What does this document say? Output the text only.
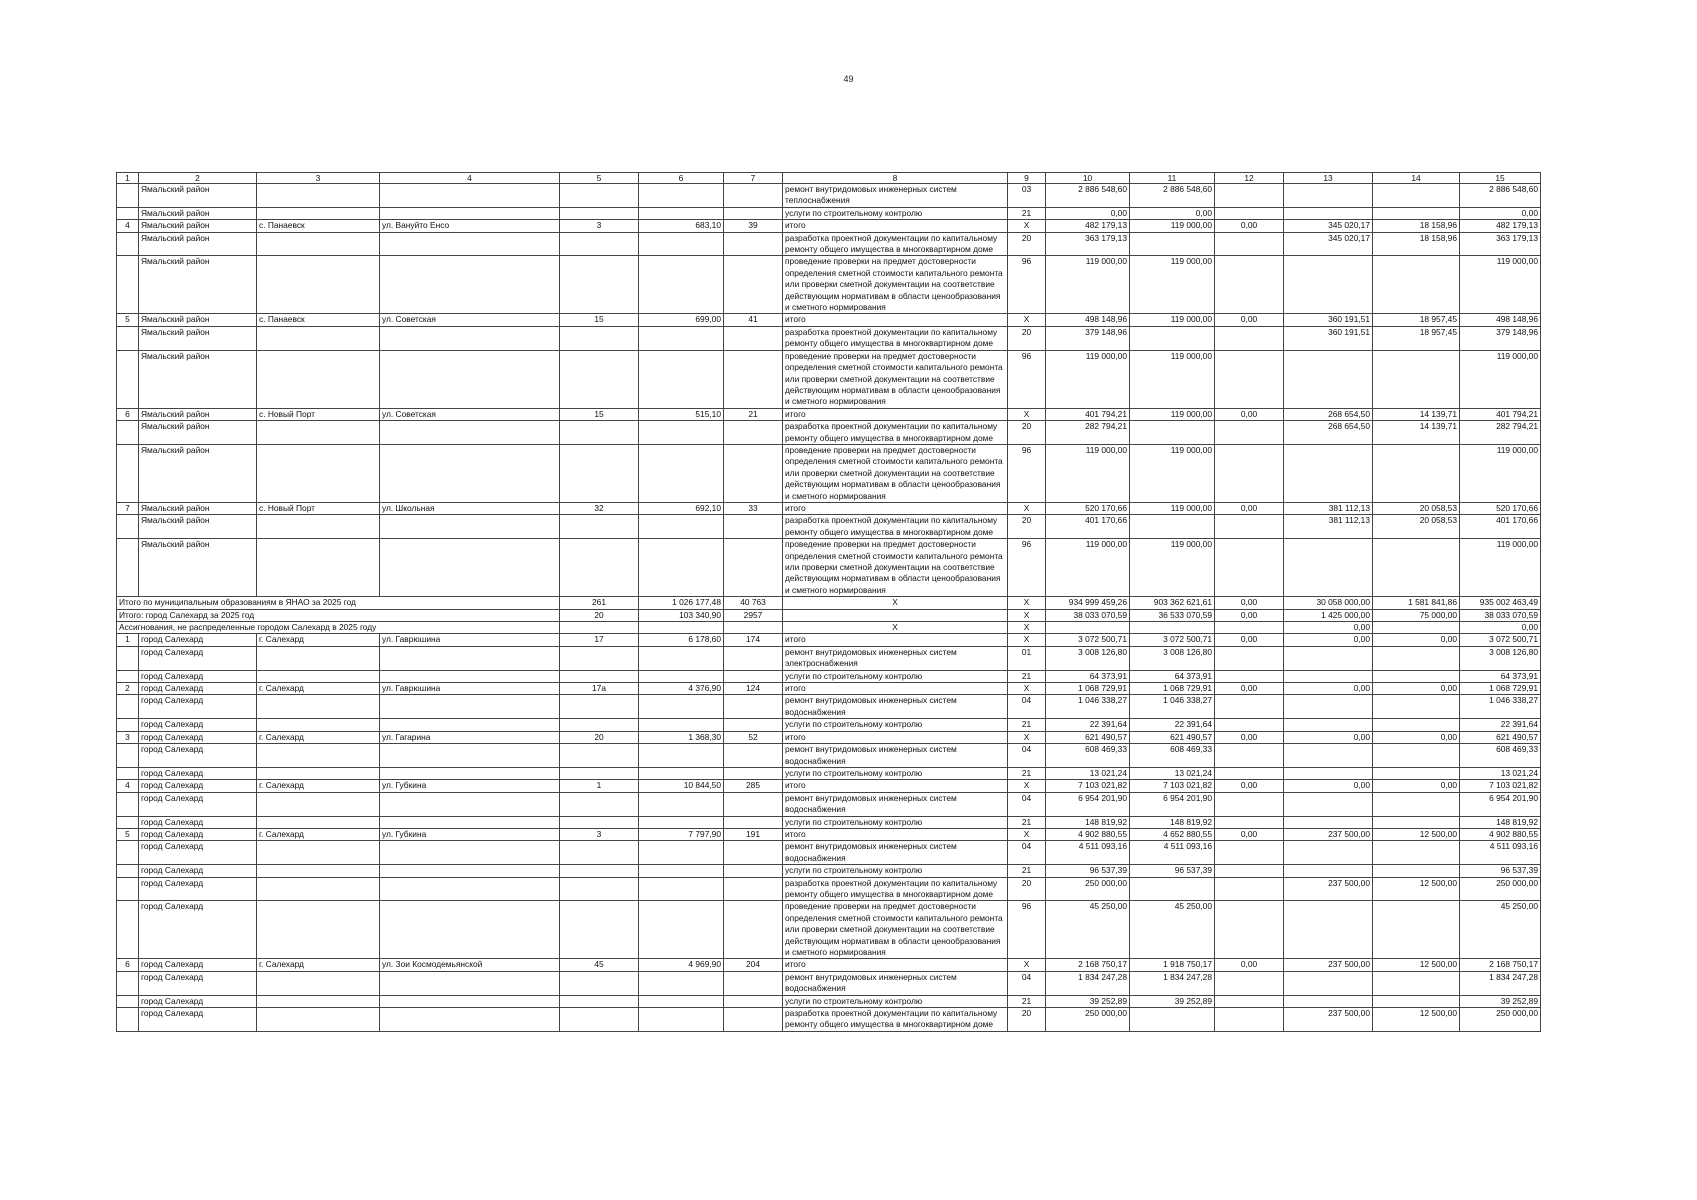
49
1	2	3	4	5	6	7	8	9	10	11	12	13	14	15
	Ямальский район						ремонт внутридомовых инженерных систем теплоснабжения	03	2 886 548,60	2 886 548,60				2 886 548,60
	Ямальский район						услуги по строительному контролю	21	0,00	0,00				0,00
4	Ямальский район	с. Панаевск	ул. Вануйто Енсо	3	683,10	39	итого	X	482 179,13	119 000,00	0,00	345 020,17	18 158,96	482 179,13
	Ямальский район						разработка проектной документации по капитальному ремонту общего имущества в многоквартирном доме	20	363 179,13			345 020,17	18 158,96	363 179,13
	Ямальский район						проведение проверки на предмет достоверности определения сметной стоимости капитального ремонта или проверки сметной документации на соответствие действующим нормативам в области ценообразования и сметного нормирования	96	119 000,00	119 000,00				119 000,00
5	Ямальский район	с. Панаевск	ул. Советская	15	699,00	41	итого	X	498 148,96	119 000,00	0,00	360 191,51	18 957,45	498 148,96
	Ямальский район						разработка проектной документации по капитальному ремонту общего имущества в многоквартирном доме	20	379 148,96			360 191,51	18 957,45	379 148,96
	Ямальский район						проведение проверки на предмет достоверности определения сметной стоимости капитального ремонта или проверки сметной документации на соответствие действующим нормативам в области ценообразования и сметного нормирования	96	119 000,00	119 000,00				119 000,00
6	Ямальский район	с. Новый Порт	ул. Советская	15	515,10	21	итого	X	401 794,21	119 000,00	0,00	268 654,50	14 139,71	401 794,21
	Ямальский район						разработка проектной документации по капитальному ремонту общего имущества в многоквартирном доме	20	282 794,21			268 654,50	14 139,71	282 794,21
	Ямальский район						проведение проверки на предмет достоверности определения сметной стоимости капитального ремонта или проверки сметной документации на соответствие действующим нормативам в области ценообразования и сметного нормирования	96	119 000,00	119 000,00				119 000,00
7	Ямальский район	с. Новый Порт	ул. Школьная	32	692,10	33	итого	X	520 170,66	119 000,00	0,00	381 112,13	20 058,53	520 170,66
	Ямальский район						разработка проектной документации по капитальному ремонту общего имущества в многоквартирном доме	20	401 170,66			381 112,13	20 058,53	401 170,66
	Ямальский район						проведение проверки на предмет достоверности определения сметной стоимости капитального ремонта или проверки сметной документации на соответствие действующим нормативам в области ценообразования и сметного нормирования	96	119 000,00	119 000,00				119 000,00
Итого по муниципальным образованиям в ЯНАО за 2025 год				261	1 026 177,48	40 763	X	X	934 999 459,26	903 362 621,61	0,00	30 058 000,00	1 581 841,86	935 002 463,49
Итого: город Салехард за 2025 год				20	103 340,90	2957		X	38 033 070,59	36 533 070,59	0,00	1 425 000,00	75 000,00	38 033 070,59
Ассигнования, не распределенные городом Салехард в 2025 году							X	X				0,00		0,00
1	город Салехард	г. Салехард	ул. Гаврюшина	17	6 178,60	174	итого	X	3 072 500,71	3 072 500,71	0,00	0,00	0,00	3 072 500,71
	город Салехард						ремонт внутридомовых инженерных систем электроснабжения	01	3 008 126,80	3 008 126,80				3 008 126,80
	город Салехард						услуги по строительному контролю	21	64 373,91	64 373,91				64 373,91
2	город Салехард	г. Салехард	ул. Гаврюшина	17а	4 376,90	124	итого	X	1 068 729,91	1 068 729,91	0,00	0,00	0,00	1 068 729,91
	город Салехард						ремонт внутридомовых инженерных систем водоснабжения	04	1 046 338,27	1 046 338,27				1 046 338,27
	город Салехард						услуги по строительному контролю	21	22 391,64	22 391,64				22 391,64
3	город Салехард	г. Салехард	ул. Гагарина	20	1 368,30	52	итого	X	621 490,57	621 490,57	0,00	0,00	0,00	621 490,57
	город Салехард						ремонт внутридомовых инженерных систем водоснабжения	04	608 469,33	608 469,33				608 469,33
	город Салехард						услуги по строительному контролю	21	13 021,24	13 021,24				13 021,24
4	город Салехард	г. Салехард	ул. Губкина	1	10 844,50	285	итого	X	7 103 021,82	7 103 021,82	0,00	0,00	0,00	7 103 021,82
	город Салехард						ремонт внутридомовых инженерных систем водоснабжения	04	6 954 201,90	6 954 201,90				6 954 201,90
	город Салехард						услуги по строительному контролю	21	148 819,92	148 819,92				148 819,92
5	город Салехард	г. Салехард	ул. Губкина	3	7 797,90	191	итого	X	4 902 880,55	4 652 880,55	0,00	237 500,00	12 500,00	4 902 880,55
	город Салехард						ремонт внутридомовых инженерных систем водоснабжения	04	4 511 093,16	4 511 093,16				4 511 093,16
	город Салехард						услуги по строительному контролю	21	96 537,39	96 537,39				96 537,39
	город Салехард						разработка проектной документации по капитальному ремонту общего имущества в многоквартирном доме	20	250 000,00			237 500,00	12 500,00	250 000,00
	город Салехард						проведение проверки на предмет достоверности определения сметной стоимости капитального ремонта или проверки сметной документации на соответствие действующим нормативам в области ценообразования и сметного нормирования	96	45 250,00	45 250,00				45 250,00
6	город Салехард	г. Салехард	ул. Зои Космодемьянской	45	4 969,90	204	итого	X	2 168 750,17	1 918 750,17	0,00	237 500,00	12 500,00	2 168 750,17
	город Салехард						ремонт внутридомовых инженерных систем водоснабжения	04	1 834 247,28	1 834 247,28				1 834 247,28
	город Салехард						услуги по строительному контролю	21	39 252,89	39 252,89				39 252,89
	город Салехард						разработка проектной документации по капитальному ремонту общего имущества в многоквартирном доме	20	250 000,00			237 500,00	12 500,00	250 000,00
